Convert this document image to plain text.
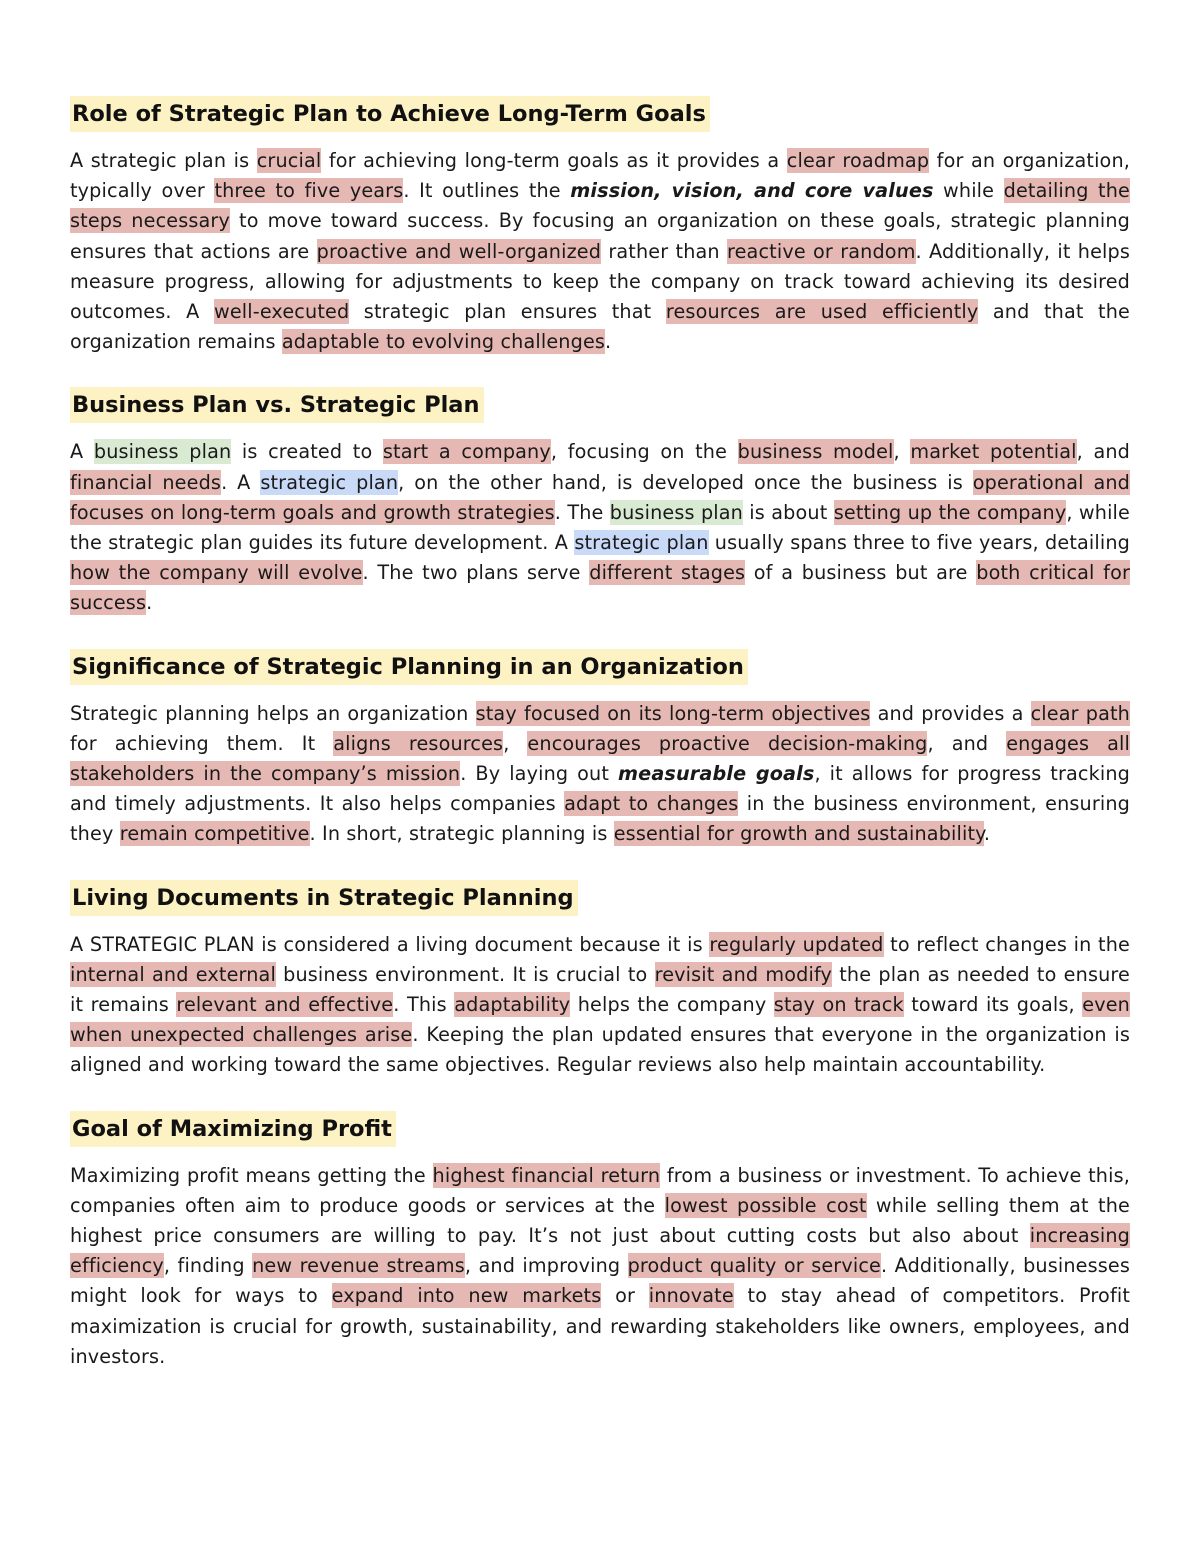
Role of Strategic Plan to Achieve Long-Term Goals

A strategic plan is crucial for achieving long-term goals as it provides a clear roadmap for an organization, typically over three to five years. It outlines the mission, vision, and core values while detailing the steps necessary to move toward success. By focusing an organization on these goals, strategic planning ensures that actions are proactive and well-organized rather than reactive or random. Additionally, it helps measure progress, allowing for adjustments to keep the company on track toward achieving its desired outcomes. A well-executed strategic plan ensures that resources are used efficiently and that the organization remains adaptable to evolving challenges.

Business Plan vs. Strategic Plan

A business plan is created to start a company, focusing on the business model, market potential, and financial needs. A strategic plan, on the other hand, is developed once the business is operational and focuses on long-term goals and growth strategies. The business plan is about setting up the company, while the strategic plan guides its future development. A strategic plan usually spans three to five years, detailing how the company will evolve. The two plans serve different stages of a business but are both critical for success.

Significance of Strategic Planning in an Organization

Strategic planning helps an organization stay focused on its long-term objectives and provides a clear path for achieving them. It aligns resources, encourages proactive decision-making, and engages all stakeholders in the company’s mission. By laying out measurable goals, it allows for progress tracking and timely adjustments. It also helps companies adapt to changes in the business environment, ensuring they remain competitive. In short, strategic planning is essential for growth and sustainability.

Living Documents in Strategic Planning

A STRATEGIC PLAN is considered a living document because it is regularly updated to reflect changes in the internal and external business environment. It is crucial to revisit and modify the plan as needed to ensure it remains relevant and effective. This adaptability helps the company stay on track toward its goals, even when unexpected challenges arise. Keeping the plan updated ensures that everyone in the organization is aligned and working toward the same objectives. Regular reviews also help maintain accountability.

Goal of Maximizing Profit

Maximizing profit means getting the highest financial return from a business or investment. To achieve this, companies often aim to produce goods or services at the lowest possible cost while selling them at the highest price consumers are willing to pay. It’s not just about cutting costs but also about increasing efficiency, finding new revenue streams, and improving product quality or service. Additionally, businesses might look for ways to expand into new markets or innovate to stay ahead of competitors. Profit maximization is crucial for growth, sustainability, and rewarding stakeholders like owners, employees, and investors.
